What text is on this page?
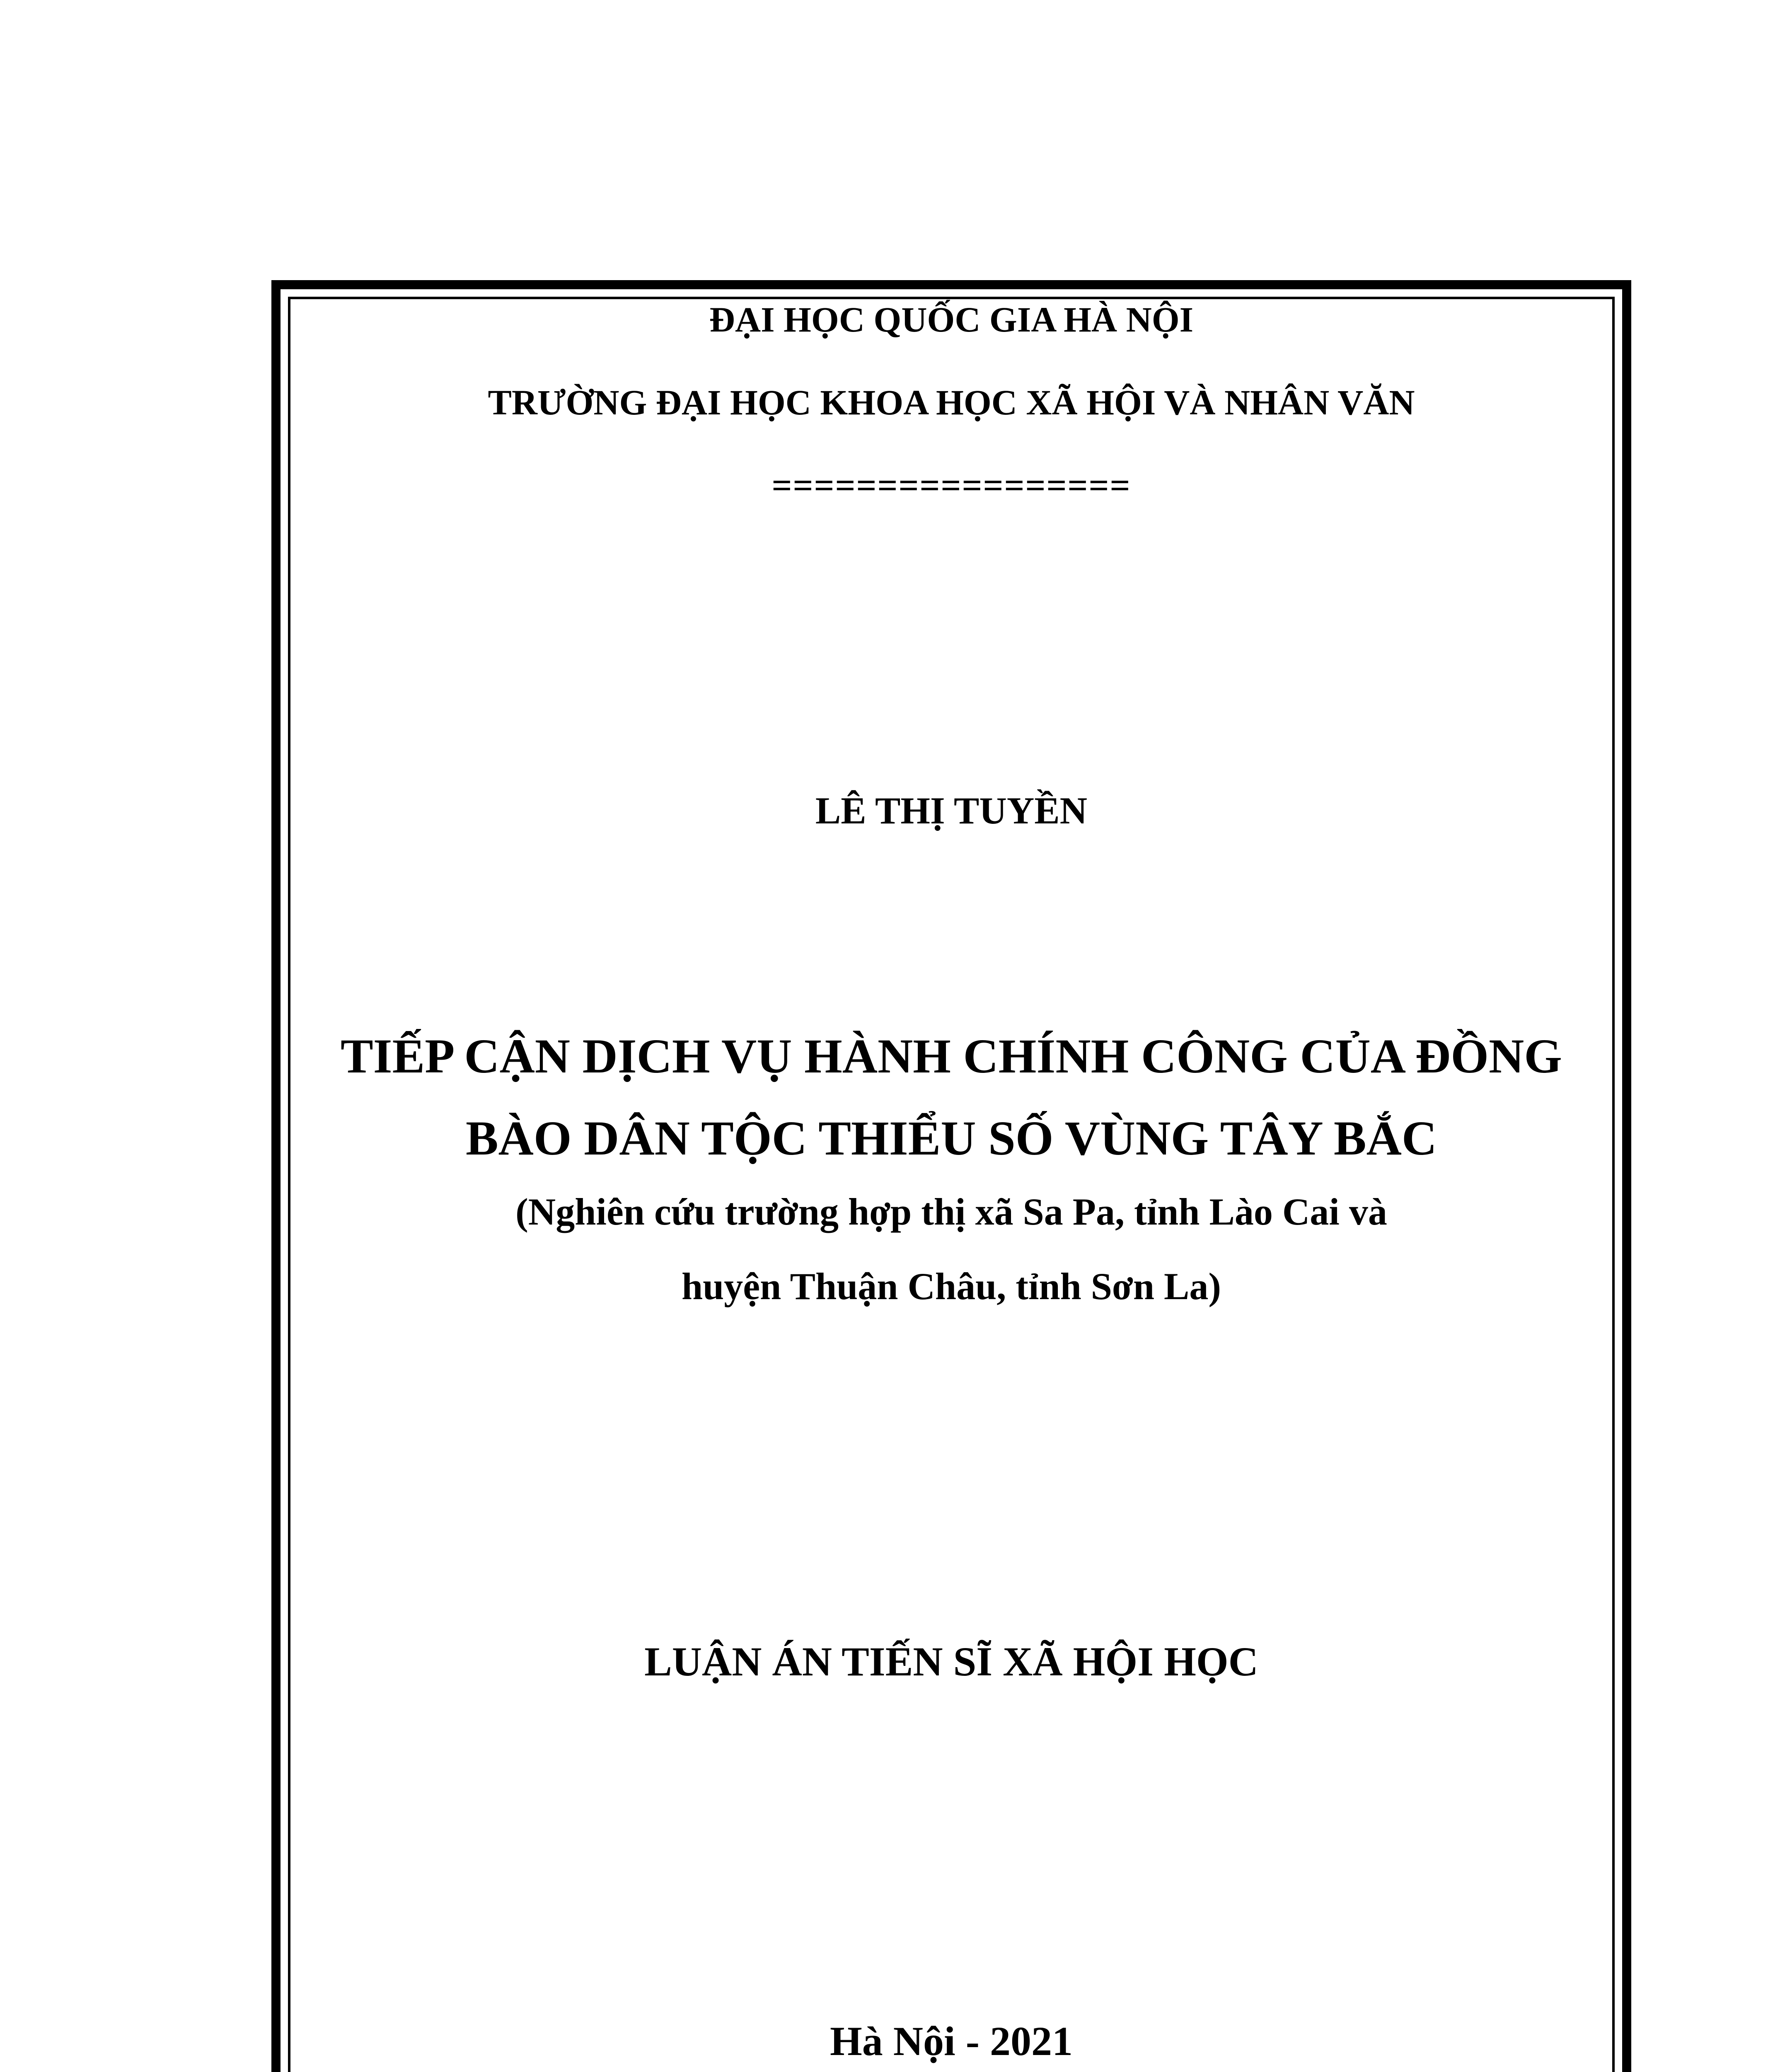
ĐẠI HỌC QUỐC GIA HÀ NỘI
TRƯỜNG ĐẠI HỌC KHOA HỌC XÃ HỘI VÀ NHÂN VĂN
=================
LÊ THỊ TUYỀN
TIẾP CẬN DỊCH VỤ HÀNH CHÍNH CÔNG CỦA ĐỒNG
BÀO DÂN TỘC THIỂU SỐ VÙNG TÂY BẮC
(Nghiên cứu trường hợp thị xã Sa Pa, tỉnh Lào Cai và
huyện Thuận Châu, tỉnh Sơn La)
LUẬN ÁN TIẾN SĨ XÃ HỘI HỌC
Hà Nội - 2021
